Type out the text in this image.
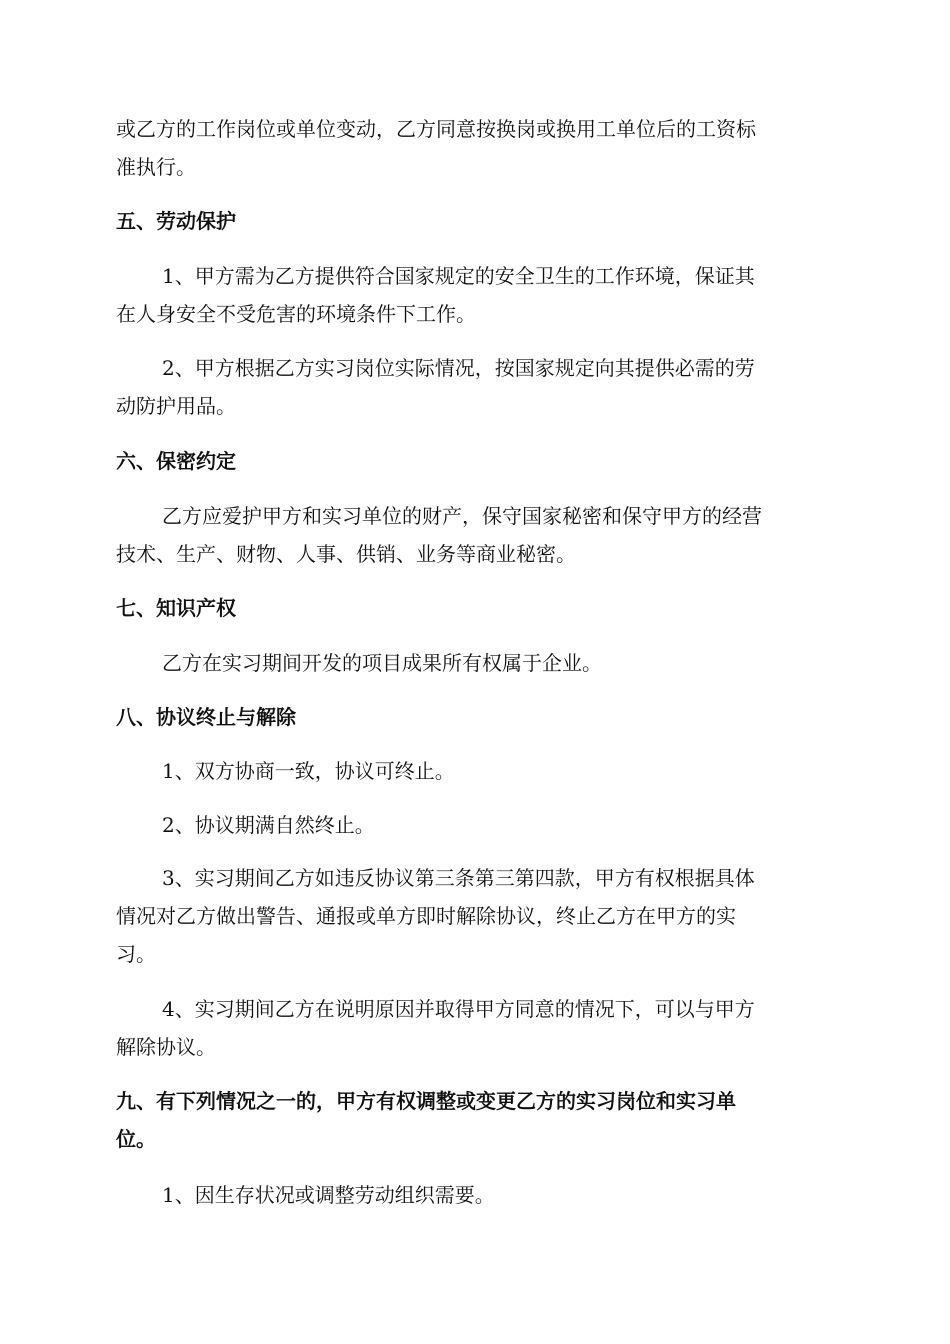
或乙方的工作岗位或单位变动，乙方同意按换岗或换用工单位后的工资标
准执行。

五、劳动保护

1、甲方需为乙方提供符合国家规定的安全卫生的工作环境，保证其
在人身安全不受危害的环境条件下工作。

2、甲方根据乙方实习岗位实际情况，按国家规定向其提供必需的劳
动防护用品。

六、保密约定

乙方应爱护甲方和实习单位的财产，保守国家秘密和保守甲方的经营
技术、生产、财物、人事、供销、业务等商业秘密。

七、知识产权

乙方在实习期间开发的项目成果所有权属于企业。

八、协议终止与解除

1、双方协商一致，协议可终止。

2、协议期满自然终止。

3、实习期间乙方如违反协议第三条第三第四款，甲方有权根据具体
情况对乙方做出警告、通报或单方即时解除协议，终止乙方在甲方的实
习。

4、实习期间乙方在说明原因并取得甲方同意的情况下，可以与甲方
解除协议。

九、有下列情况之一的，甲方有权调整或变更乙方的实习岗位和实习单
位。

1、因生存状况或调整劳动组织需要。
